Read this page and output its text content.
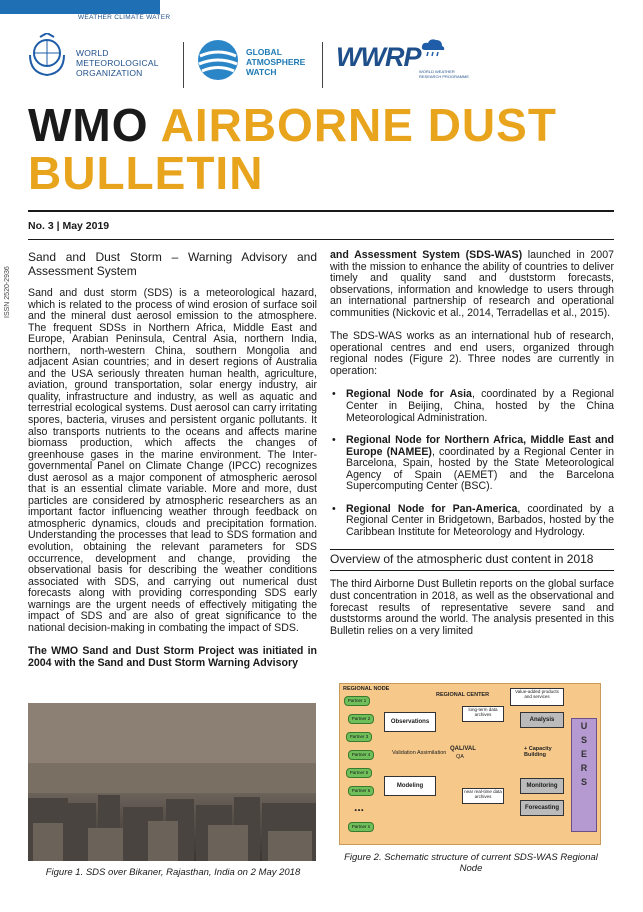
WEATHER CLIMATE WATER
WORLD
METEOROLOGICAL
ORGANIZATION
GLOBAL
ATMOSPHERE
WATCH	WWRP
WORLD WEATHER
RESEARCH PROGRAMME
WMO AIRBORNE DUST
BULLETIN
No. 3 | May 2019
ISSN 2520-2936
Sand and Dust Storm – Warning Advisory and Assessment System

Sand and dust storm (SDS) is a meteorological hazard, which is related to the process of wind erosion of surface soil and the mineral dust aerosol emission to the atmosphere. The frequent SDSs in Northern Africa, Middle East and Europe, Arabian Peninsula, Central Asia, northern India, northern, north-western China, southern Mongolia and adjacent Asian countries; and in desert regions of Australia and the USA seriously threaten human health, agriculture, aviation, ground transportation, solar energy industry, air quality, infrastructure and industry, as well as aquatic and terrestrial ecological systems. Dust aerosol can carry irritating spores, bacteria, viruses and persistent organic pollutants. It also transports nutrients to the oceans and affects marine biomass production, which affects the changes of greenhouse gases in the marine environment. The Inter-governmental Panel on Climate Change (IPCC) recognizes dust aerosol as a major component of atmospheric aerosol that is an essential climate variable. More and more, dust particles are considered by atmospheric researchers as an important factor influencing weather through feedback on atmospheric dynamics, clouds and precipitation formation. Understanding the processes that lead to SDS formation and evolution, obtaining the relevant parameters for SDS occurrence, development and change, providing the observational basis for describing the weather conditions associated with SDS, and carrying out numerical dust forecasts along with providing corresponding SDS early warnings are the urgent needs of effectively mitigating the impact of SDS and are also of great significance to the national decision-making in combating the impact of SDS.

The WMO Sand and Dust Storm Project was initiated in 2004 with the Sand and Dust Storm Warning Advisory

Figure 1. SDS over Bikaner, Rajasthan, India on 2 May 2018

and Assessment System (SDS-WAS) launched in 2007 with the mission to enhance the ability of countries to deliver timely and quality sand and duststorm forecasts, observations, information and knowledge to users through an international partnership of research and operational communities (Nickovic et al., 2014, Terradellas et al., 2015).

The SDS-WAS works as an international hub of research, operational centres and end users, organized through regional nodes (Figure 2). Three nodes are currently in operation:

• Regional Node for Asia, coordinated by a Regional Center in Beijing, China, hosted by the China Meteorological Administration.
• Regional Node for Northern Africa, Middle East and Europe (NAMEE), coordinated by a Regional Center in Barcelona, Spain, hosted by the State Meteorological Agency of Spain (AEMET) and the Barcelona Supercomputing Center (BSC).
• Regional Node for Pan-America, coordinated by a Regional Center in Bridgetown, Barbados, hosted by the Caribbean Institute for Meteorology and Hydrology.
Overview of the atmospheric dust content in 2018

The third Airborne Dust Bulletin reports on the global surface dust concentration in 2018, as well as the observational and forecast results of representative severe sand and duststorms around the world. The analysis presented in this Bulletin relies on a very limited

REGIONAL NODE
REGIONAL CENTER
Partner 1
Partner 2
Partner 3
Partner 4
Partner 5
Partner 6
...
Partner n
Observations
Validation Assimilation
Modeling
QAL/VAL
QA
long-term data archives
near real-time data archives
Value-added products and services
Analysis
+ Capacity Building
Monitoring
Forecasting
U
S
E
R
S
Figure 2. Schematic structure of current SDS-WAS Regional Node
